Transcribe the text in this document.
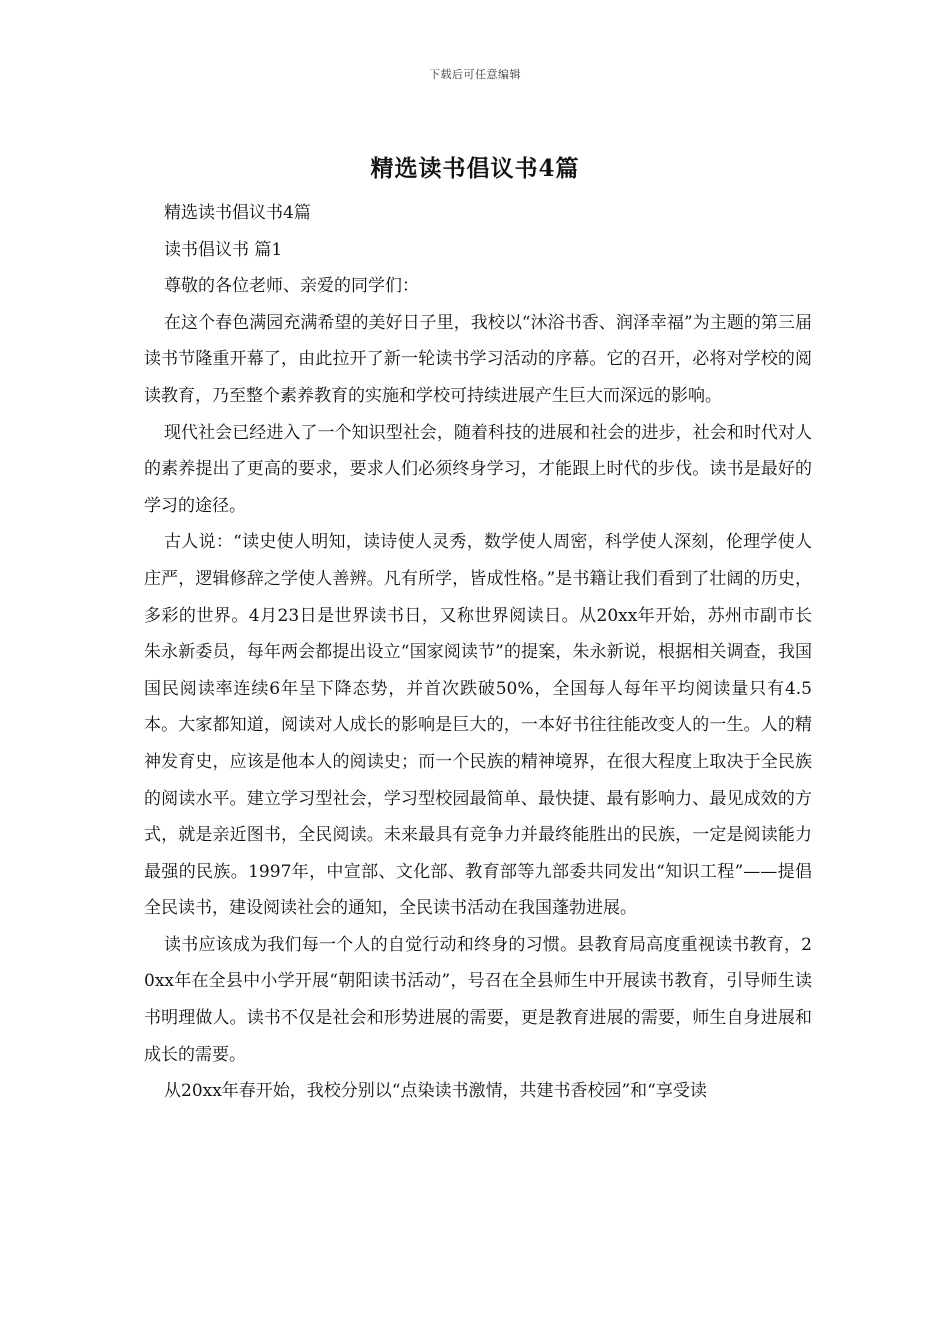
下载后可任意编辑
精选读书倡议书4篇

精选读书倡议书4篇

读书倡议书 篇1

尊敬的各位老师、亲爱的同学们：

在这个春色满园充满希望的美好日子里，我校以“沐浴书香、润泽幸福”为主题的第三届读书节隆重开幕了，由此拉开了新一轮读书学习活动的序幕。它的召开，必将对学校的阅读教育，乃至整个素养教育的实施和学校可持续进展产生巨大而深远的影响。

现代社会已经进入了一个知识型社会，随着科技的进展和社会的进步，社会和时代对人的素养提出了更高的要求，要求人们必须终身学习，才能跟上时代的步伐。读书是最好的学习的途径。

古人说：“读史使人明知，读诗使人灵秀，数学使人周密，科学使人深刻，伦理学使人庄严，逻辑修辞之学使人善辨。凡有所学，皆成性格。”是书籍让我们看到了壮阔的历史，多彩的世界。4月23日是世界读书日，又称世界阅读日。从20xx年开始，苏州市副市长朱永新委员，每年两会都提出设立“国家阅读节”的提案，朱永新说，根据相关调查，我国国民阅读率连续6年呈下降态势，并首次跌破50%，全国每人每年平均阅读量只有4.5本。大家都知道，阅读对人成长的影响是巨大的，一本好书往往能改变人的一生。人的精神发育史，应该是他本人的阅读史；而一个民族的精神境界，在很大程度上取决于全民族的阅读水平。建立学习型社会，学习型校园最简单、最快捷、最有影响力、最见成效的方式，就是亲近图书，全民阅读。未来最具有竞争力并最终能胜出的民族，一定是阅读能力最强的民族。1997年，中宣部、文化部、教育部等九部委共同发出“知识工程”——提倡全民读书，建设阅读社会的通知，全民读书活动在我国蓬勃进展。

读书应该成为我们每一个人的自觉行动和终身的习惯。县教育局高度重视读书教育，20xx年在全县中小学开展“朝阳读书活动”，号召在全县师生中开展读书教育，引导师生读书明理做人。读书不仅是社会和形势进展的需要，更是教育进展的需要，师生自身进展和成长的需要。

从20xx年春开始，我校分别以“点染读书激情，共建书香校园”和“享受读
